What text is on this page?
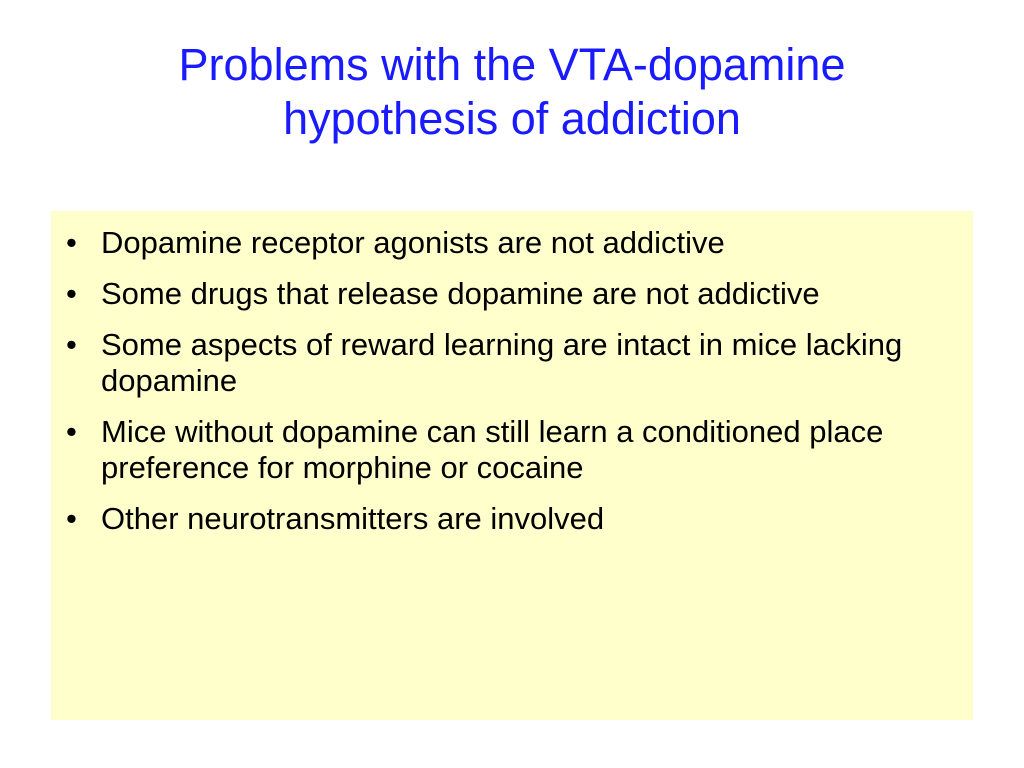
Problems with the VTA-dopamine
hypothesis of addiction
• Dopamine receptor agonists are not addictive
• Some drugs that release dopamine are not addictive
• Some aspects of reward learning are intact in mice lacking dopamine
• Mice without dopamine can still learn a conditioned place preference for morphine or cocaine
• Other neurotransmitters are involved
